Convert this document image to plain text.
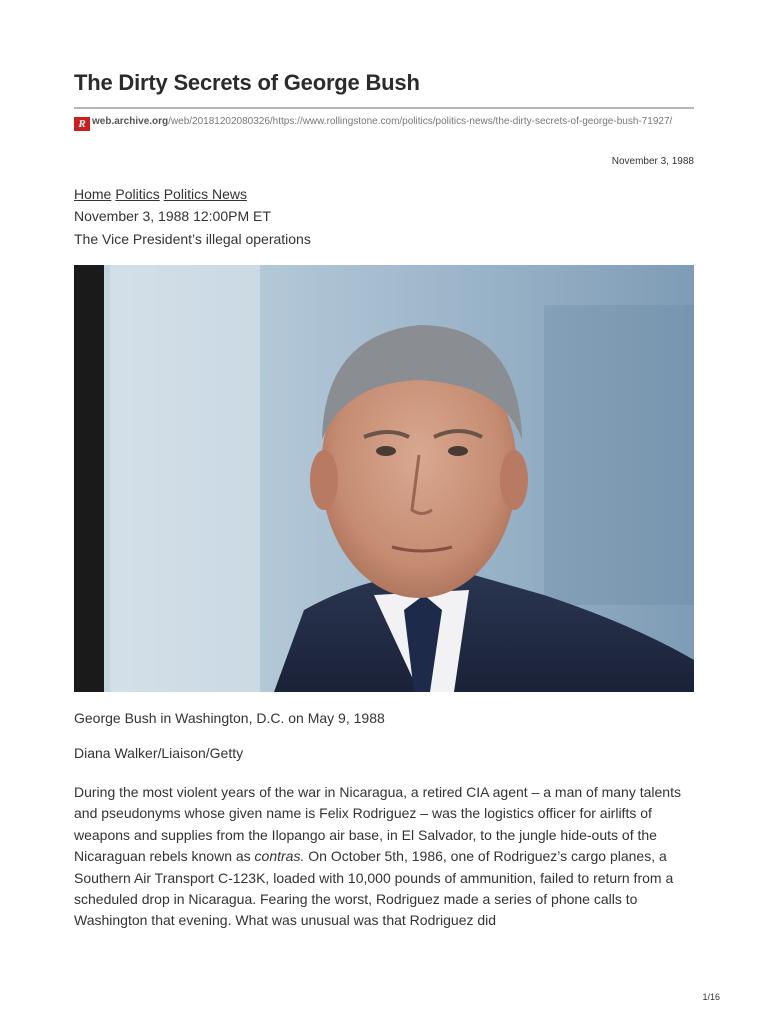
The Dirty Secrets of George Bush
R web.archive.org/web/20181202080326/https://www.rollingstone.com/politics/politics-news/the-dirty-secrets-of-george-bush-71927/
November 3, 1988
Home Politics Politics News
November 3, 1988 12:00PM ET
The Vice President’s illegal operations
George Bush in Washington, D.C. on May 9, 1988
Diana Walker/Liaison/Getty
During the most violent years of the war in Nicaragua, a retired CIA agent – a man of many talents and pseudonyms whose given name is Felix Rodriguez – was the logistics officer for airlifts of weapons and supplies from the Ilopango air base, in El Salvador, to the jungle hide-outs of the Nicaraguan rebels known as contras. On October 5th, 1986, one of Rodriguez’s cargo planes, a Southern Air Transport C-123K, loaded with 10,000 pounds of ammunition, failed to return from a scheduled drop in Nicaragua. Fearing the worst, Rodriguez made a series of phone calls to Washington that evening. What was unusual was that Rodriguez did
1/16
